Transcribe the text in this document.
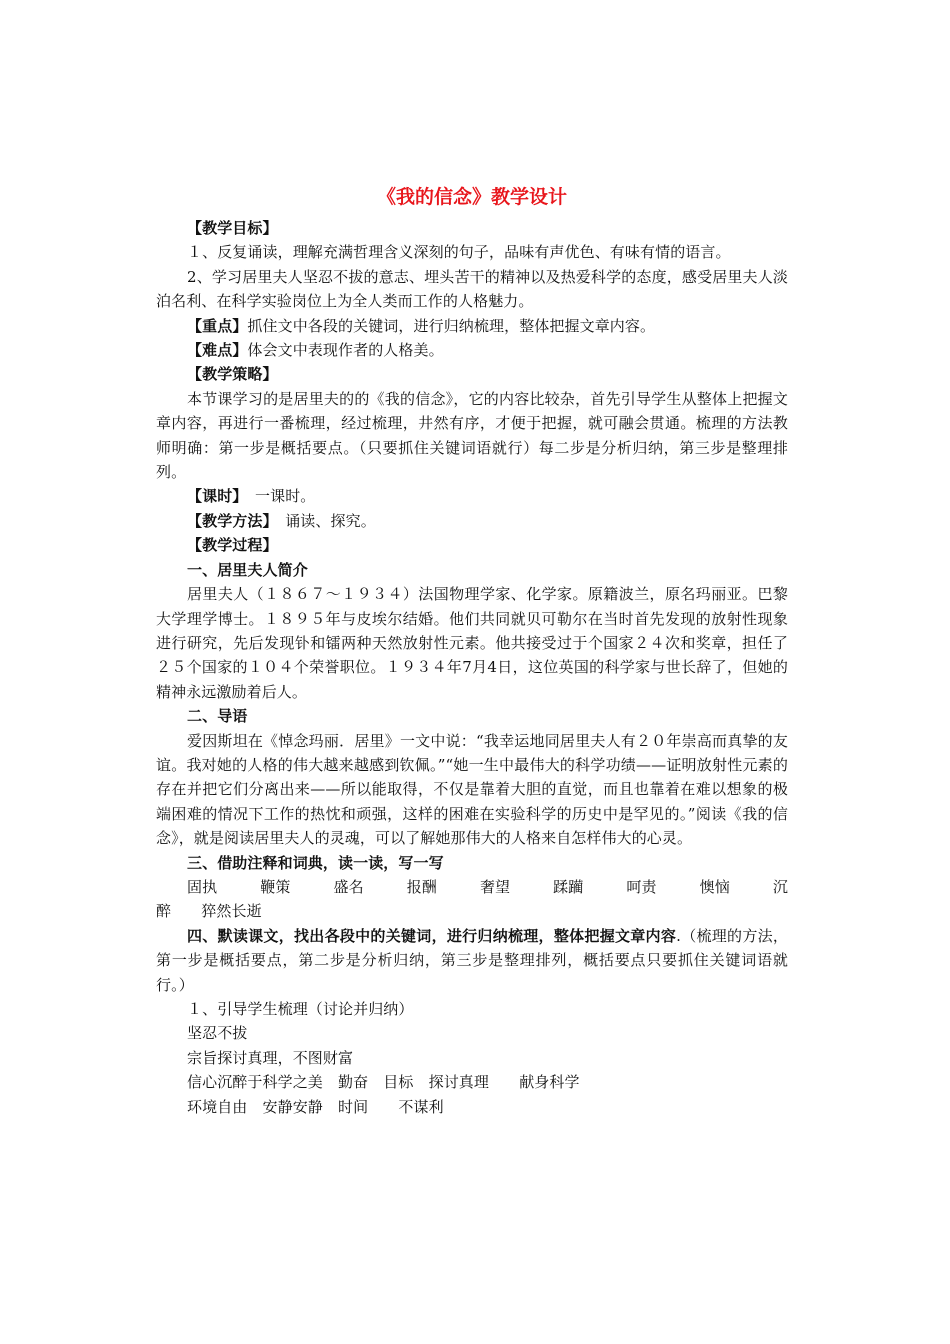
《我的信念》教学设计

【教学目标】

１、反复诵读，理解充满哲理含义深刻的句子，品味有声优色、有味有情的语言。

2、学习居里夫人坚忍不拔的意志、埋头苦干的精神以及热爱科学的态度，感受居里夫人淡泊名利、在科学实验岗位上为全人类而工作的人格魅力。

【重点】抓住文中各段的关键词，进行归纳梳理，整体把握文章内容。

【难点】体会文中表现作者的人格美。

【教学策略】

本节课学习的是居里夫的的《我的信念》，它的内容比较杂，首先引导学生从整体上把握文章内容，再进行一番梳理，经过梳理，井然有序，才便于把握，就可融会贯通。梳理的方法教师明确：第一步是概括要点。（只要抓住关键词语就行）每二步是分析归纳，第三步是整理排列。

【课时】　一课时。

【教学方法】　诵读、探究。

【教学过程】

一、居里夫人简介

居里夫人（１８６７～１９３４）法国物理学家、化学家。原籍波兰，原名玛丽亚。巴黎大学理学博士。１８９５年与皮埃尔结婚。他们共同就贝可勒尔在当时首先发现的放射性现象进行研究，先后发现钋和镭两种天然放射性元素。他共接受过于个国家２４次和奖章，担任了２５个国家的１０４个荣誉职位。１９３４年7月4日，这位英国的科学家与世长辞了，但她的精神永远激励着后人。

二、导语

爱因斯坦在《悼念玛丽．居里》一文中说：“我幸运地同居里夫人有２０年崇高而真挚的友谊。我对她的人格的伟大越来越感到钦佩。”“她一生中最伟大的科学功绩——证明放射性元素的存在并把它们分离出来——所以能取得，不仅是靠着大胆的直觉，而且也靠着在难以想象的极端困难的情况下工作的热忱和顽强，这样的困难在实验科学的历史中是罕见的。”阅读《我的信念》，就是阅读居里夫人的灵魂，可以了解她那伟大的人格来自怎样伟大的心灵。

三、借助注释和词典，读一读，写一写

固执	鞭策	盛名	报酬	奢望	蹂躏	呵责	懊恼	沉

醉　　猝然长逝

四、默读课文，找出各段中的关键词，进行归纳梳理，整体把握文章内容.（梳理的方法，第一步是概括要点，第二步是分析归纳，第三步是整理排列，概括要点只要抓住关键词语就行。）

１、引导学生梳理（讨论并归纳）

坚忍不拔

宗旨探讨真理，不图财富

信心沉醉于科学之美　勤奋　目标　探讨真理　　献身科学

环境自由　安静安静　时间　　不谋利
